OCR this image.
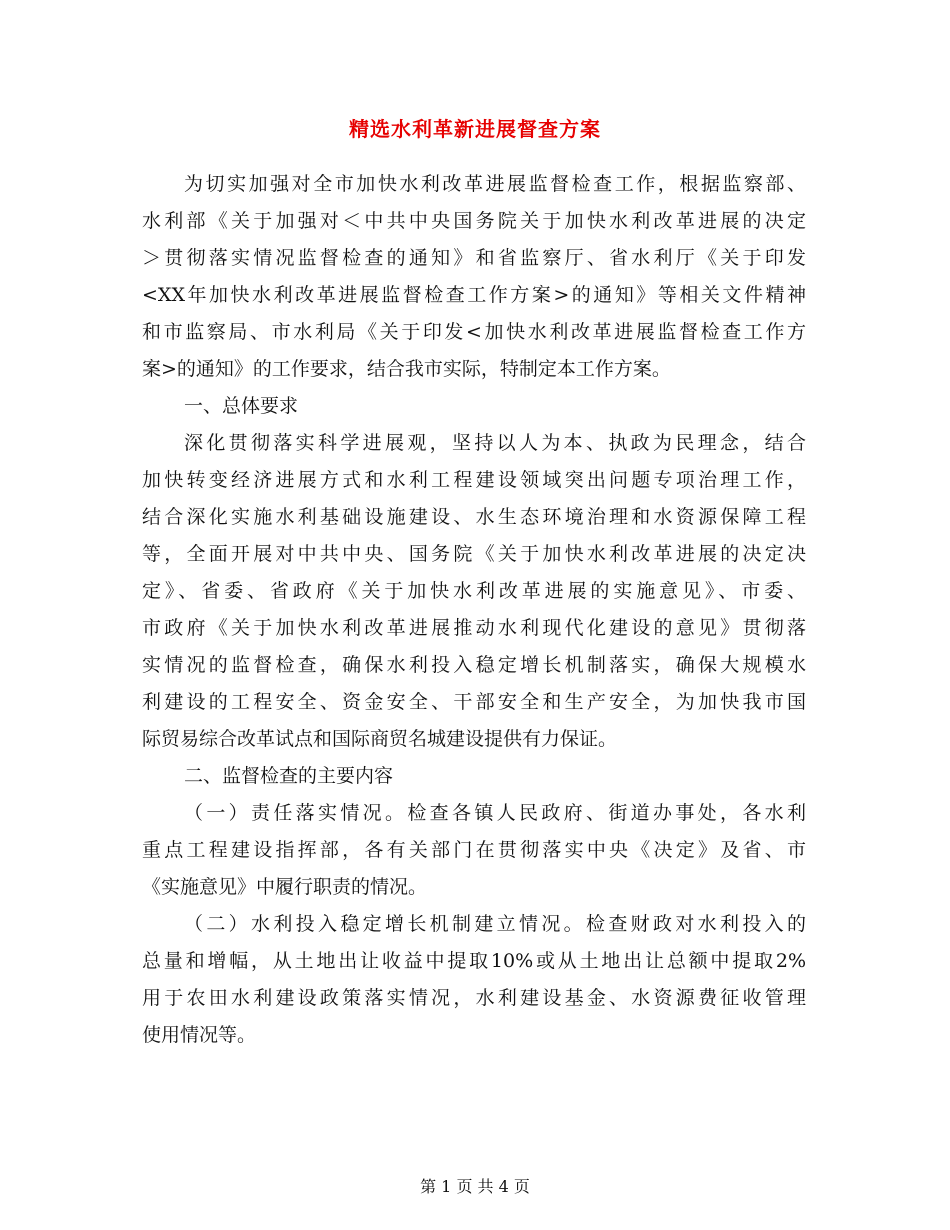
精选水利革新进展督查方案
为切实加强对全市加快水利改革进展监督检查工作，根据监察部、
水利部《关于加强对＜中共中央国务院关于加快水利改革进展的决定
＞贯彻落实情况监督检查的通知》和省监察厅、省水利厅《关于印发
<XX年加快水利改革进展监督检查工作方案>的通知》等相关文件精神
和市监察局、市水利局《关于印发<加快水利改革进展监督检查工作方
案>的通知》的工作要求，结合我市实际，特制定本工作方案。
一、总体要求
深化贯彻落实科学进展观，坚持以人为本、执政为民理念，结合
加快转变经济进展方式和水利工程建设领域突出问题专项治理工作，
结合深化实施水利基础设施建设、水生态环境治理和水资源保障工程
等，全面开展对中共中央、国务院《关于加快水利改革进展的决定决
定》、省委、省政府《关于加快水利改革进展的实施意见》、市委、
市政府《关于加快水利改革进展推动水利现代化建设的意见》贯彻落
实情况的监督检查，确保水利投入稳定增长机制落实，确保大规模水
利建设的工程安全、资金安全、干部安全和生产安全，为加快我市国
际贸易综合改革试点和国际商贸名城建设提供有力保证。
二、监督检查的主要内容
（一）责任落实情况。检查各镇人民政府、街道办事处，各水利
重点工程建设指挥部，各有关部门在贯彻落实中央《决定》及省、市
《实施意见》中履行职责的情况。
（二）水利投入稳定增长机制建立情况。检查财政对水利投入的
总量和增幅，从土地出让收益中提取10%或从土地出让总额中提取2%
用于农田水利建设政策落实情况，水利建设基金、水资源费征收管理
使用情况等。
第 1 页 共 4 页
